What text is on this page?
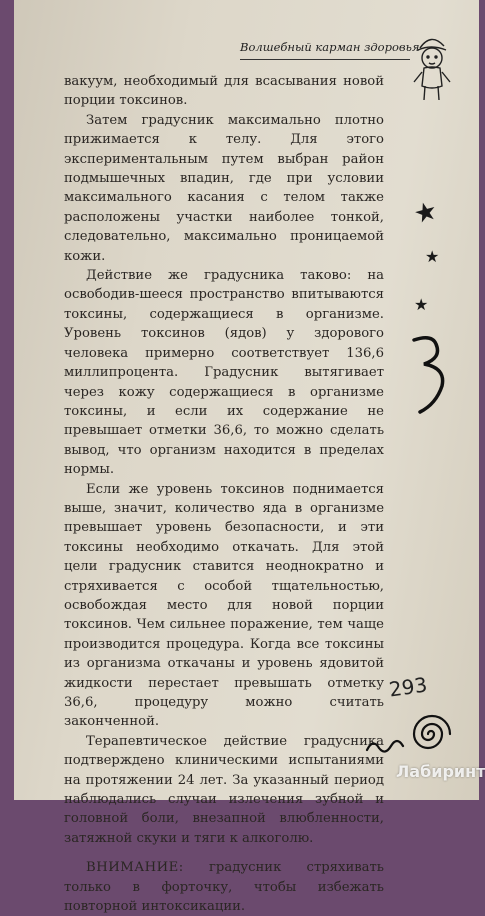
Волшебный карман здоровья

вакуум, необходимый для всасывания новой порции токсинов.

Затем градусник максимально плотно прижимается к телу. Для этого экспериментальным путем выбран район подмышечных впадин, где при условии максимального касания с телом также расположены участки наиболее тонкой, следовательно, максимально проницаемой кожи.

Действие же градусника таково: на освободив-шееся пространство впитываются токсины, содержащиеся в организме. Уровень токсинов (ядов) у здорового человека примерно соответствует 136,6 миллипроцента. Градусник вытягивает через кожу содержащиеся в организме токсины, и если их содержание не превышает отметки 36,6, то можно сделать вывод, что организм находится в пределах нормы.

Если же уровень токсинов поднимается выше, значит, количество яда в организме превышает уровень безопасности, и эти токсины необходимо откачать. Для этой цели градусник ставится неоднократно и стряхивается с особой тщательностью, освобождая место для новой порции токсинов. Чем сильнее поражение, тем чаще производится процедура. Когда все токсины из организма откачаны и уровень ядовитой жидкости перестает превышать отметку 36,6, процедуру можно считать законченной.

Терапевтическое действие градусника подтверждено клиническими испытаниями на протяжении 24 лет. За указанный период наблюдались случаи излечения зубной и головной боли, внезапной влюбленности, затяжной скуки и тяги к алкоголю.

ВНИМАНИЕ: градусник стряхивать только в форточку, чтобы избежать повторной интоксикации.

★
★
★
293
Лабиринт
